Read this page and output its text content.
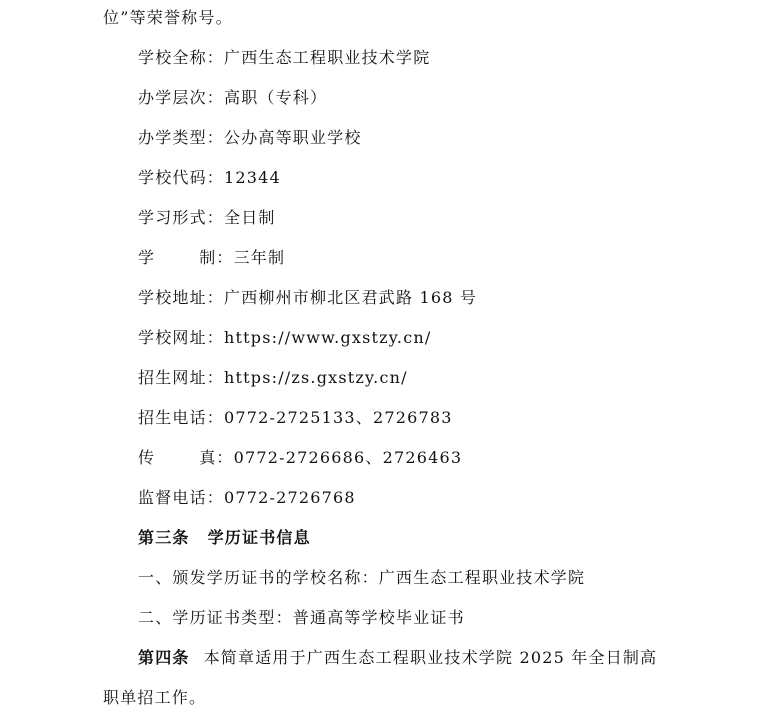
位”等荣誉称号。
学校全称：广西生态工程职业技术学院
办学层次：高职（专科）
办学类型：公办高等职业学校
学校代码：12344
学习形式：全日制
学	制：三年制
学校地址：广西柳州市柳北区君武路 168 号
学校网址：https://www.gxstzy.cn/
招生网址：https://zs.gxstzy.cn/
招生电话：0772-2725133、2726783
传	真：0772-2726686、2726463
监督电话：0772-2726768
第三条 学历证书信息
一、颁发学历证书的学校名称：广西生态工程职业技术学院
二、学历证书类型：普通高等学校毕业证书
第四条 本简章适用于广西生态工程职业技术学院 2025 年全日制高
职单招工作。
